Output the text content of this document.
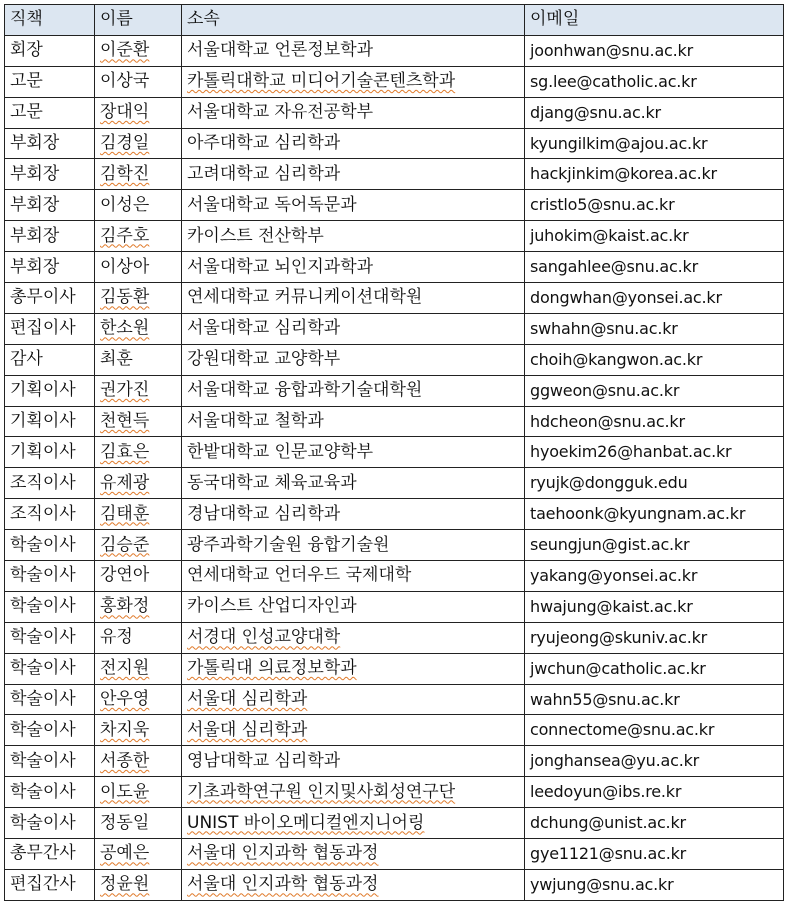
직책	이름	소속	이메일
회장	이준환	서울대학교 언론정보학과	joonhwan@snu.ac.kr
고문	이상국	카톨릭대학교 미디어기술콘텐츠학과	sg.lee@catholic.ac.kr
고문	장대익	서울대학교 자유전공학부	djang@snu.ac.kr
부회장	김경일	아주대학교 심리학과	kyungilkim@ajou.ac.kr
부회장	김학진	고려대학교 심리학과	hackjinkim@korea.ac.kr
부회장	이성은	서울대학교 독어독문과	cristlo5@snu.ac.kr
부회장	김주호	카이스트 전산학부	juhokim@kaist.ac.kr
부회장	이상아	서울대학교 뇌인지과학과	sangahlee@snu.ac.kr
총무이사	김동환	연세대학교 커뮤니케이션대학원	dongwhan@yonsei.ac.kr
편집이사	한소원	서울대학교 심리학과	swhahn@snu.ac.kr
감사	최훈	강원대학교 교양학부	choih@kangwon.ac.kr
기획이사	권가진	서울대학교 융합과학기술대학원	ggweon@snu.ac.kr
기획이사	천현득	서울대학교 철학과	hdcheon@snu.ac.kr
기획이사	김효은	한밭대학교 인문교양학부	hyoekim26@hanbat.ac.kr
조직이사	유제광	동국대학교 체육교육과	ryujk@dongguk.edu
조직이사	김태훈	경남대학교 심리학과	taehoonk@kyungnam.ac.kr
학술이사	김승준	광주과학기술원 융합기술원	seungjun@gist.ac.kr
학술이사	강연아	연세대학교 언더우드 국제대학	yakang@yonsei.ac.kr
학술이사	홍화정	카이스트 산업디자인과	hwajung@kaist.ac.kr
학술이사	유정	서경대 인성교양대학	ryujeong@skuniv.ac.kr
학술이사	전지원	가톨릭대 의료정보학과	jwchun@catholic.ac.kr
학술이사	안우영	서울대 심리학과	wahn55@snu.ac.kr
학술이사	차지욱	서울대 심리학과	connectome@snu.ac.kr
학술이사	서종한	영남대학교 심리학과	jonghansea@yu.ac.kr
학술이사	이도윤	기초과학연구원 인지및사회성연구단	leedoyun@ibs.re.kr
학술이사	정동일	UNIST 바이오메디컬엔지니어링	dchung@unist.ac.kr
총무간사	공예은	서울대 인지과학 협동과정	gye1121@snu.ac.kr
편집간사	정윤원	서울대 인지과학 협동과정	ywjung@snu.ac.kr
